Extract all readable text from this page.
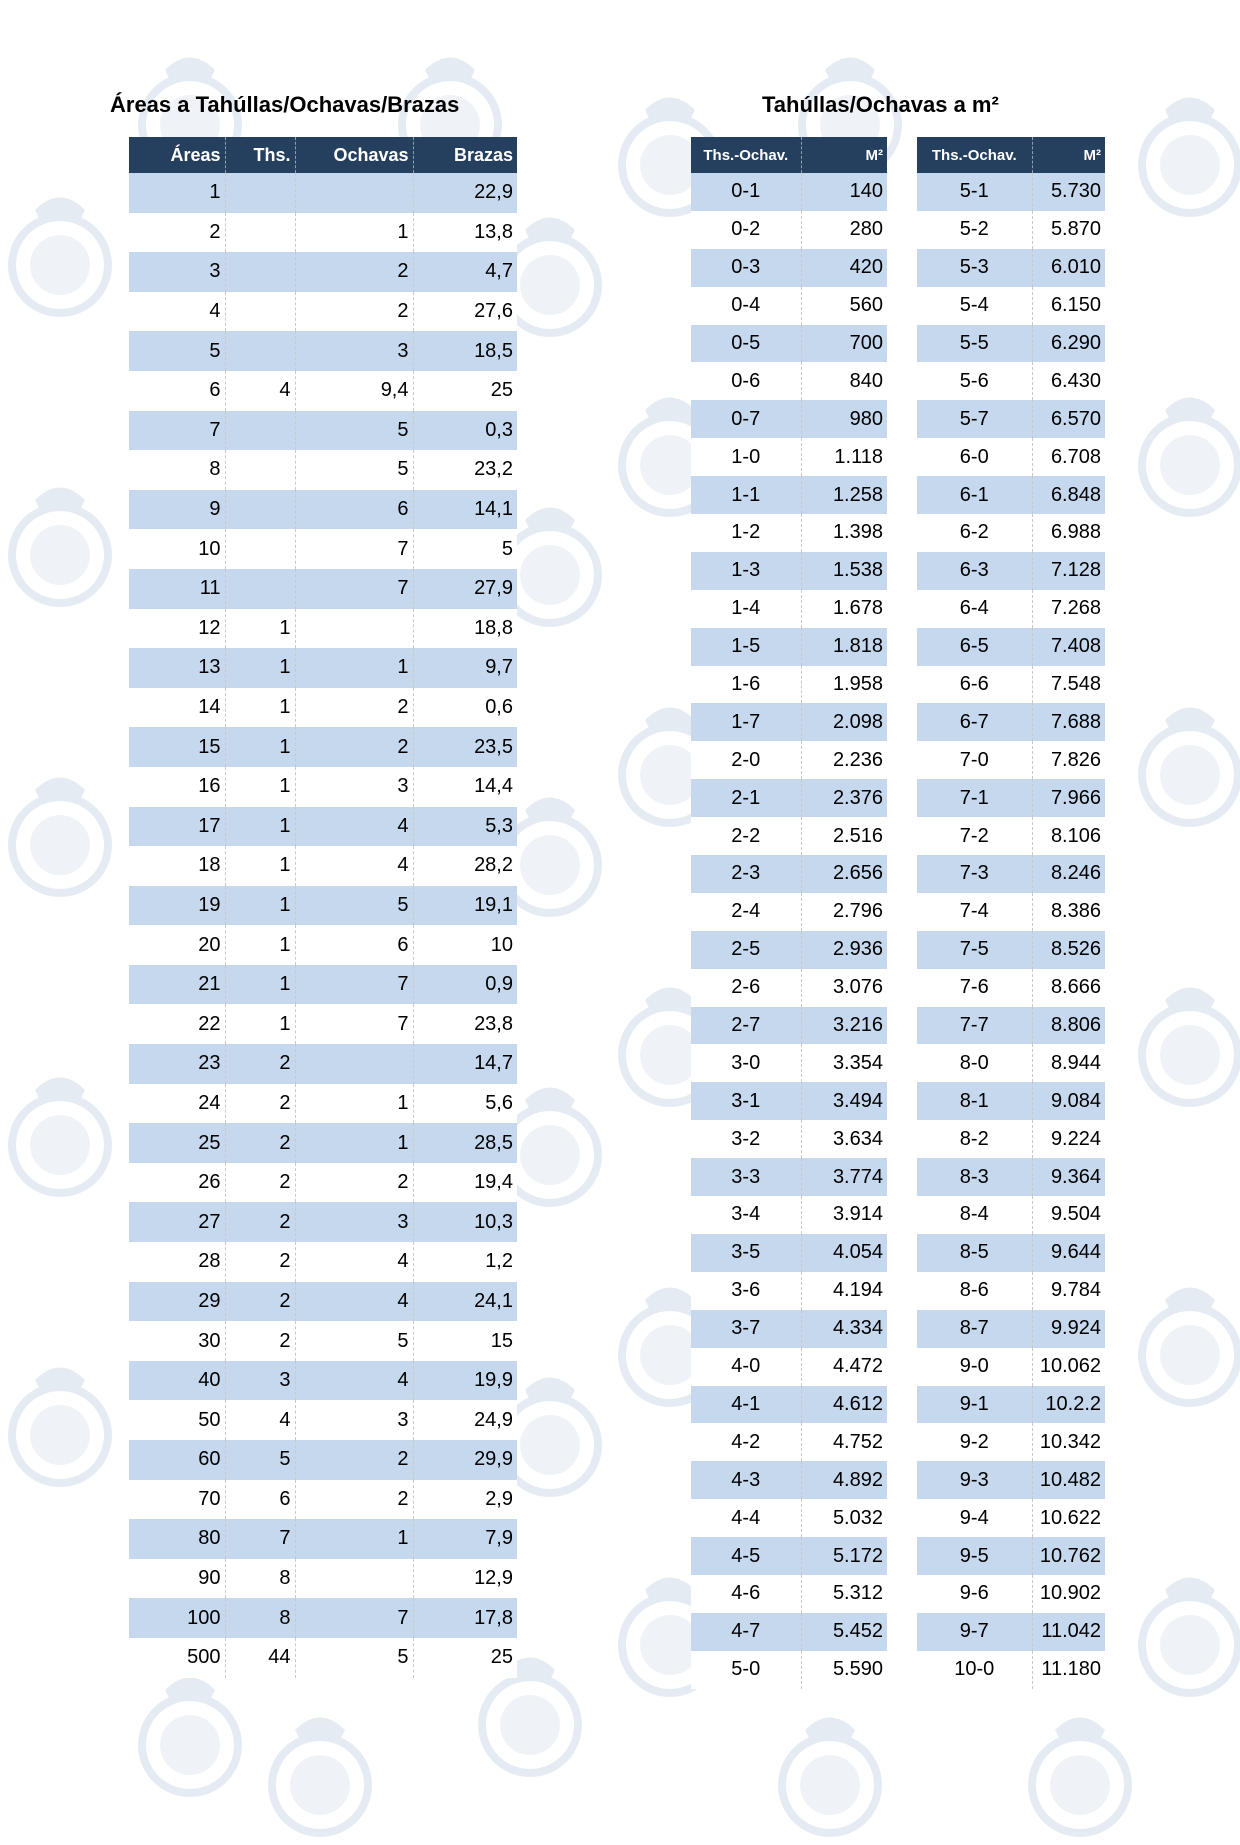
Áreas a Tahúllas/Ochavas/Brazas	Tahúllas/Ochavas a m²
Áreas	Ths.	Ochavas	Brazas
1			22,9
2		1	13,8
3		2	4,7
4		2	27,6
5		3	18,5
6	4	9,4	25
7		5	0,3
8		5	23,2
9		6	14,1
10		7	5
11		7	27,9
12	1		18,8
13	1	1	9,7
14	1	2	0,6
15	1	2	23,5
16	1	3	14,4
17	1	4	5,3
18	1	4	28,2
19	1	5	19,1
20	1	6	10
21	1	7	0,9
22	1	7	23,8
23	2		14,7
24	2	1	5,6
25	2	1	28,5
26	2	2	19,4
27	2	3	10,3
28	2	4	1,2
29	2	4	24,1
30	2	5	15
40	3	4	19,9
50	4	3	24,9
60	5	2	29,9
70	6	2	2,9
80	7	1	7,9
90	8		12,9
100	8	7	17,8
500	44	5	25
Ths.-Ochav.	M²
0-1	140
0-2	280
0-3	420
0-4	560
0-5	700
0-6	840
0-7	980
1-0	1.118
1-1	1.258
1-2	1.398
1-3	1.538
1-4	1.678
1-5	1.818
1-6	1.958
1-7	2.098
2-0	2.236
2-1	2.376
2-2	2.516
2-3	2.656
2-4	2.796
2-5	2.936
2-6	3.076
2-7	3.216
3-0	3.354
3-1	3.494
3-2	3.634
3-3	3.774
3-4	3.914
3-5	4.054
3-6	4.194
3-7	4.334
4-0	4.472
4-1	4.612
4-2	4.752
4-3	4.892
4-4	5.032
4-5	5.172
4-6	5.312
4-7	5.452
5-0	5.590
Ths.-Ochav.	M²
5-1	5.730
5-2	5.870
5-3	6.010
5-4	6.150
5-5	6.290
5-6	6.430
5-7	6.570
6-0	6.708
6-1	6.848
6-2	6.988
6-3	7.128
6-4	7.268
6-5	7.408
6-6	7.548
6-7	7.688
7-0	7.826
7-1	7.966
7-2	8.106
7-3	8.246
7-4	8.386
7-5	8.526
7-6	8.666
7-7	8.806
8-0	8.944
8-1	9.084
8-2	9.224
8-3	9.364
8-4	9.504
8-5	9.644
8-6	9.784
8-7	9.924
9-0	10.062
9-1	10.2.2
9-2	10.342
9-3	10.482
9-4	10.622
9-5	10.762
9-6	10.902
9-7	11.042
10-0	11.180
